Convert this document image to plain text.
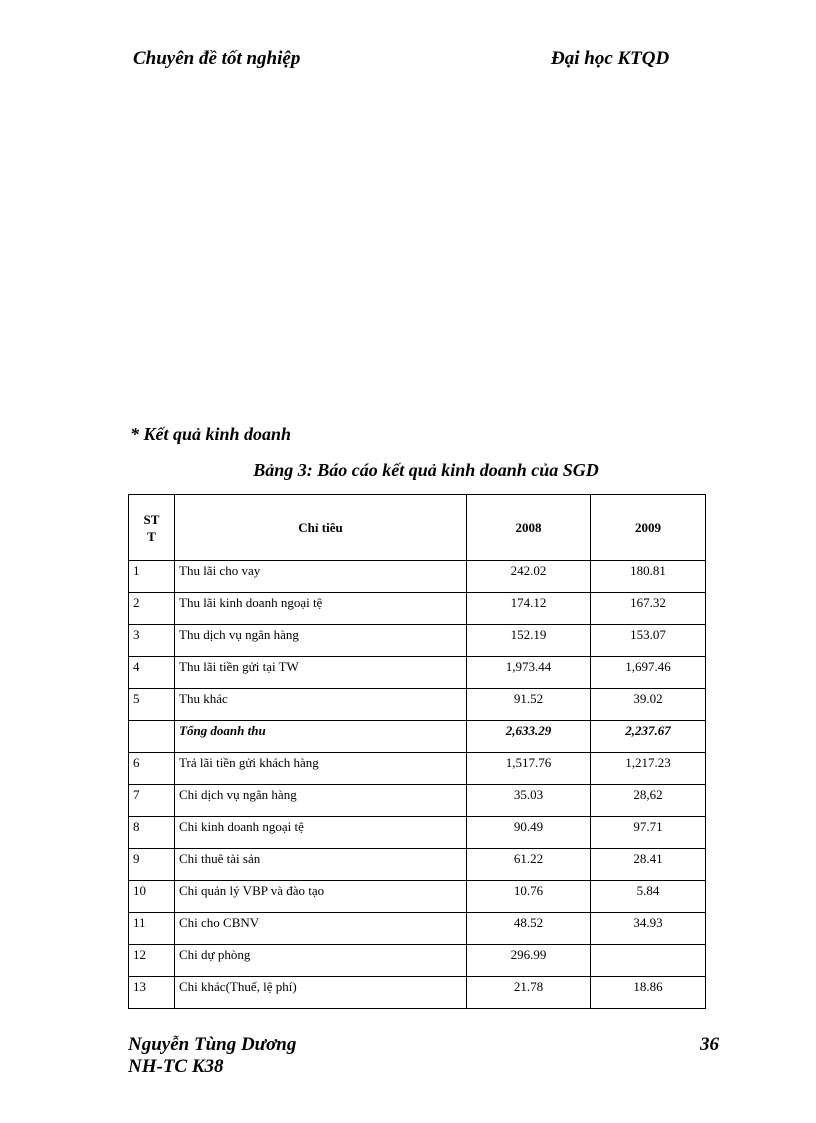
Chuyên đề tốt nghiệp	Đại học KTQD
* Kết quả kinh doanh
Bảng 3: Báo cáo kết quả kinh doanh của SGD
ST
T	Chỉ tiêu	2008	2009
1	Thu lãi cho vay	242.02	180.81
2	Thu lãi kinh doanh ngoại tệ	174.12	167.32
3	Thu dịch vụ ngân hàng	152.19	153.07
4	Thu lãi tiền gửi tại TW	1,973.44	1,697.46
5	Thu khác	91.52	39.02
	Tổng doanh thu	2,633.29	2,237.67
6	Trả lãi tiền gửi khách hàng	1,517.76	1,217.23
7	Chi dịch vụ ngân hàng	35.03	28,62
8	Chi kinh doanh ngoại tệ	90.49	97.71
9	Chi thuê tài sản	61.22	28.41
10	Chi quản lý VBP và đào tạo	10.76	5.84
11	Chi cho CBNV	48.52	34.93
12	Chi dự phòng	296.99	
13	Chi khác(Thuế, lệ phí)	21.78	18.86
Nguyễn Tùng Dương
NH-TC K38
36
